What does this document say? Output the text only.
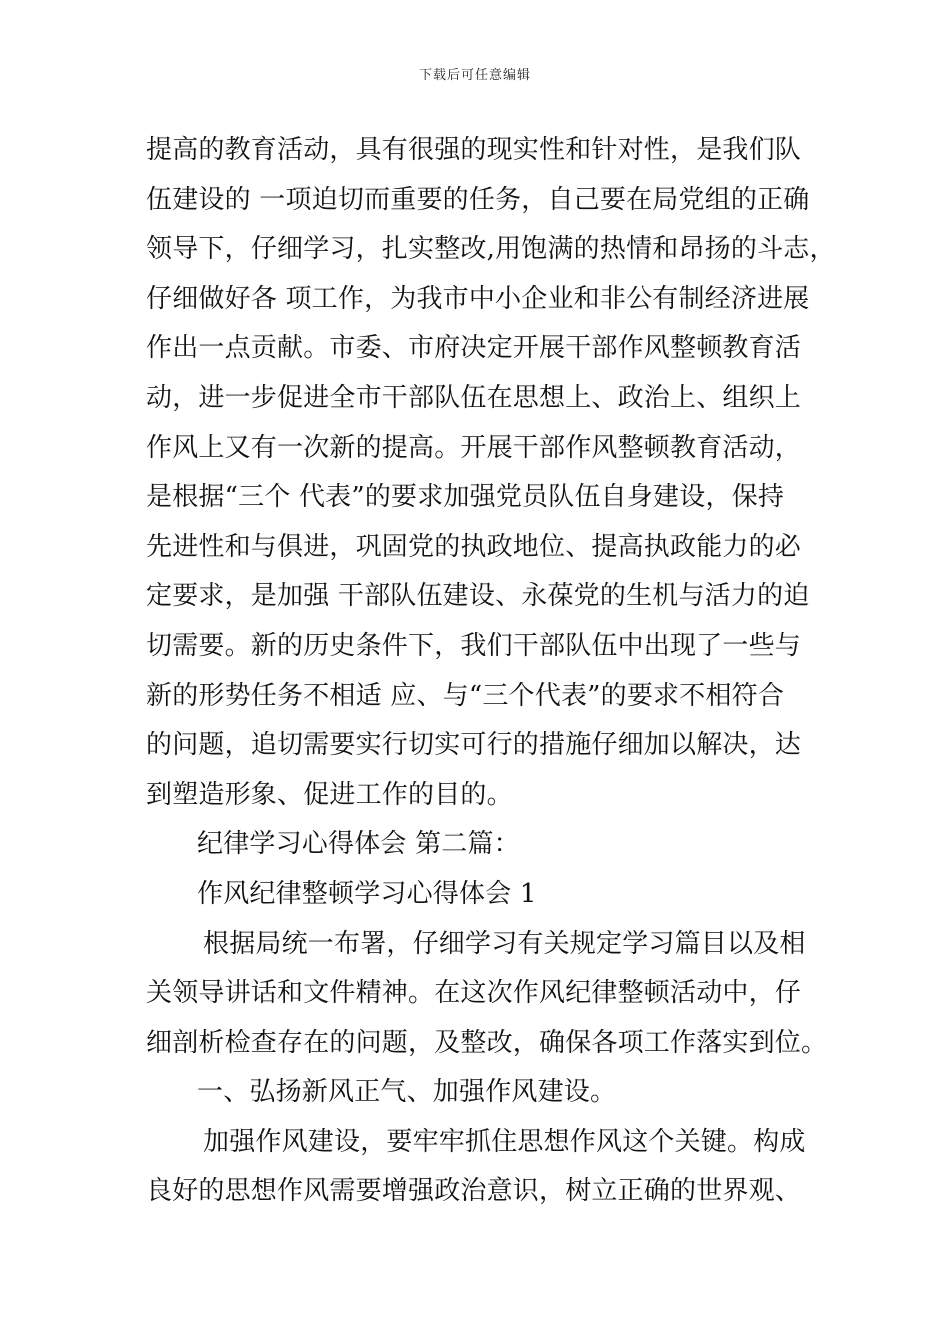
下载后可任意编辑
提高的教育活动，具有很强的现实性和针对性，是我们队
伍建设的 一项迫切而重要的任务，自己要在局党组的正确
领导下，仔细学习，扎实整改,用饱满的热情和昂扬的斗志，
仔细做好各 项工作，为我市中小企业和非公有制经济进展
作出一点贡献。市委、市府决定开展干部作风整顿教育活
动，进一步促进全市干部队伍在思想上、政治上、组织上
作风上又有一次新的提高。开展干部作风整顿教育活动，
是根据“三个 代表”的要求加强党员队伍自身建设，保持
先进性和与俱进，巩固党的执政地位、提高执政能力的必
定要求，是加强 干部队伍建设、永葆党的生机与活力的迫
切需要。新的历史条件下，我们干部队伍中出现了一些与
新的形势任务不相适 应、与“三个代表”的要求不相符合
的问题，追切需要实行切实可行的措施仔细加以解决，达
到塑造形象、促进工作的目的。
纪律学习心得体会 第二篇：
作风纪律整顿学习心得体会 1
根据局统一布署，仔细学习有关规定学习篇目以及相
关领导讲话和文件精神。在这次作风纪律整顿活动中，仔
细剖析检查存在的问题，及整改，确保各项工作落实到位。
一、弘扬新风正气、加强作风建设。
加强作风建设，要牢牢抓住思想作风这个关键。构成
良好的思想作风需要增强政治意识，树立正确的世界观、
